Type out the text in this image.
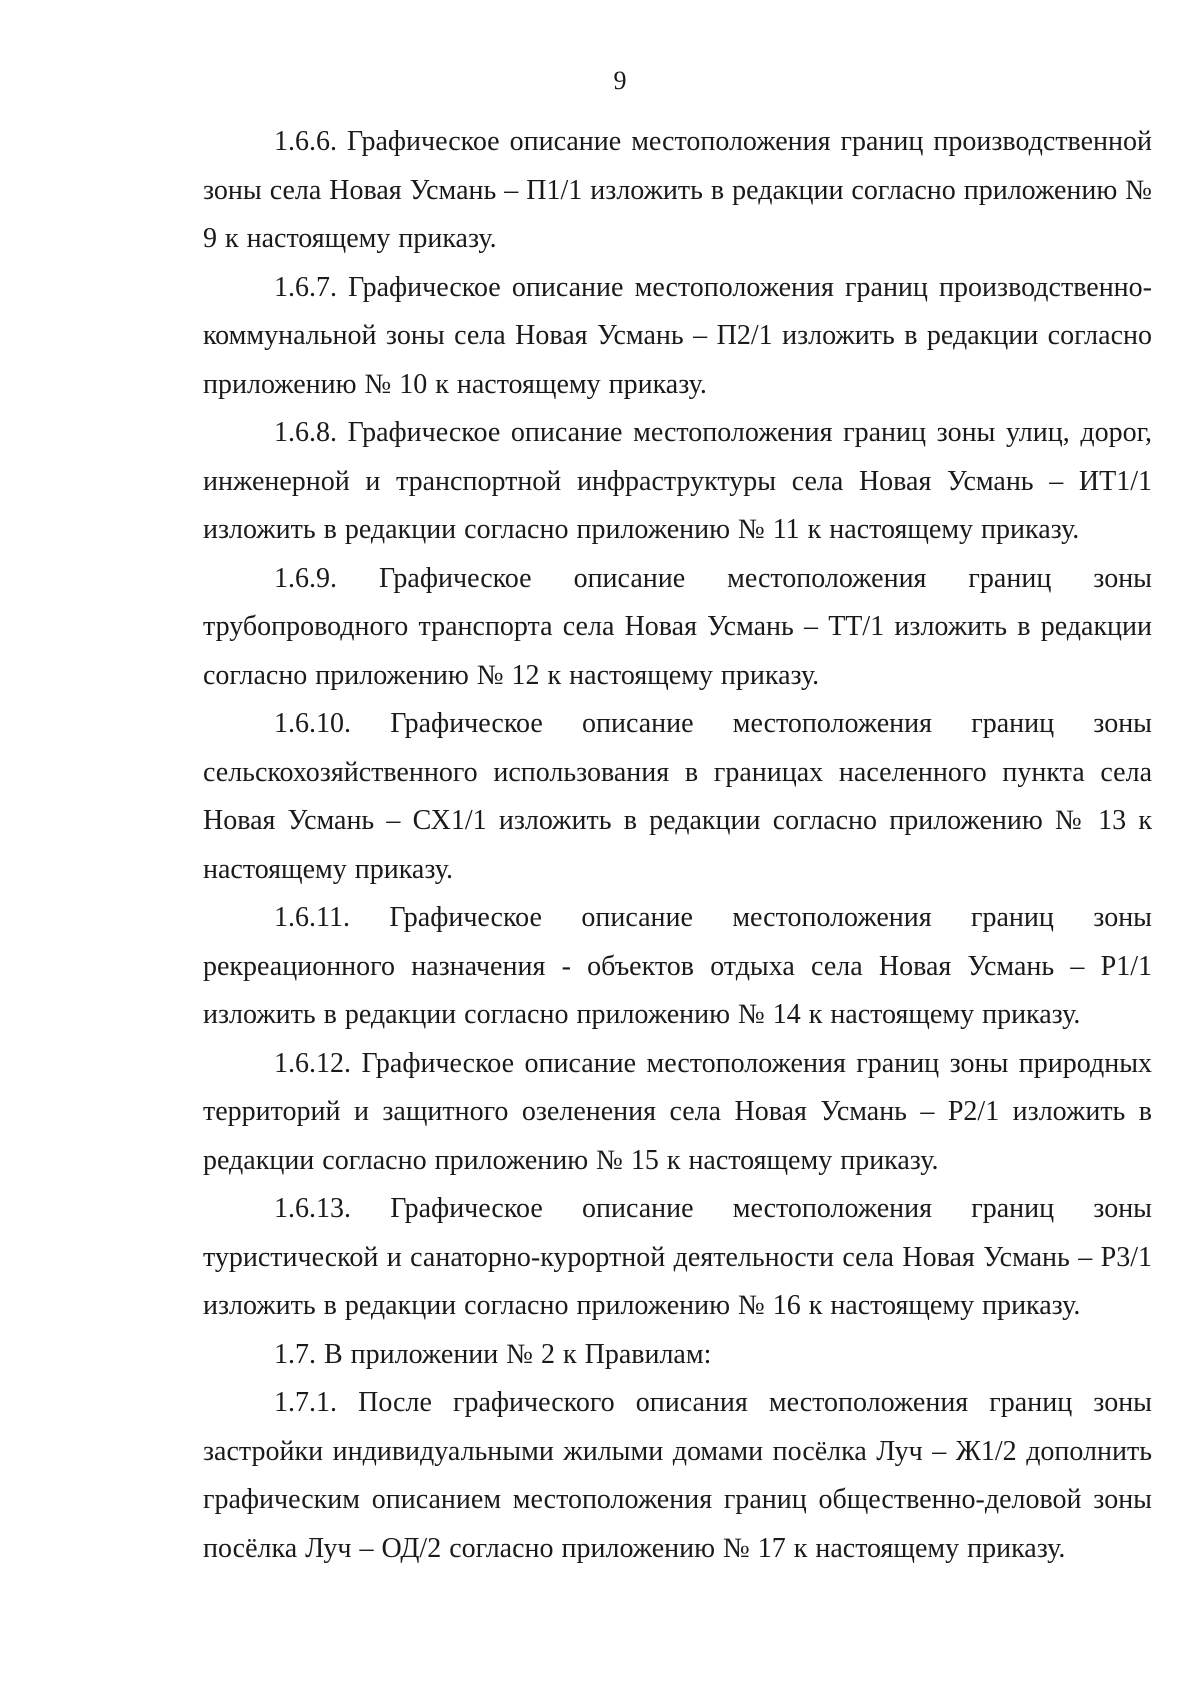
9

1.6.6. Графическое описание местоположения границ производственной зоны села Новая Усмань – П1/1 изложить в редакции согласно приложению № 9 к настоящему приказу.

1.6.7. Графическое описание местоположения границ производственно-коммунальной зоны села Новая Усмань – П2/1 изложить в редакции согласно приложению № 10 к настоящему приказу.

1.6.8. Графическое описание местоположения границ зоны улиц, дорог, инженерной и транспортной инфраструктуры села Новая Усмань – ИТ1/1 изложить в редакции согласно приложению № 11 к настоящему приказу.

1.6.9. Графическое описание местоположения границ зоны трубопроводного транспорта села Новая Усмань – ТТ/1 изложить в редакции согласно приложению № 12 к настоящему приказу.

1.6.10. Графическое описание местоположения границ зоны сельскохозяйственного использования в границах населенного пункта села Новая Усмань – СХ1/1 изложить в редакции согласно приложению № 13 к настоящему приказу.

1.6.11. Графическое описание местоположения границ зоны рекреационного назначения - объектов отдыха села Новая Усмань – Р1/1 изложить в редакции согласно приложению № 14 к настоящему приказу.

1.6.12. Графическое описание местоположения границ зоны природных территорий и защитного озеленения села Новая Усмань – Р2/1 изложить в редакции согласно приложению № 15 к настоящему приказу.

1.6.13. Графическое описание местоположения границ зоны туристической и санаторно-курортной деятельности села Новая Усмань – Р3/1 изложить в редакции согласно приложению № 16 к настоящему приказу.

1.7. В приложении № 2 к Правилам:

1.7.1. После графического описания местоположения границ зоны застройки индивидуальными жилыми домами посёлка Луч – Ж1/2 дополнить графическим описанием местоположения границ общественно-деловой зоны посёлка Луч – ОД/2 согласно приложению № 17 к настоящему приказу.
